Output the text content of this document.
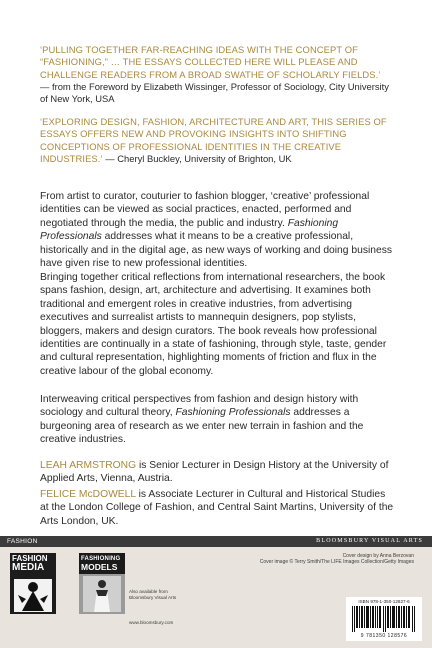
‘PULLING TOGETHER FAR-REACHING IDEAS WITH THE CONCEPT OF “FASHIONING,” … THE ESSAYS COLLECTED HERE WILL PLEASE AND CHALLENGE READERS FROM A BROAD SWATHE OF SCHOLARLY FIELDS.’ — from the Foreword by Elizabeth Wissinger, Professor of Sociology, City University of New York, USA
‘EXPLORING DESIGN, FASHION, ARCHITECTURE AND ART, THIS SERIES OF ESSAYS OFFERS NEW AND PROVOKING INSIGHTS INTO SHIFTING CONCEPTIONS OF PROFESSIONAL IDENTITIES IN THE CREATIVE INDUSTRIES.’ — Cheryl Buckley, University of Brighton, UK
From artist to curator, couturier to fashion blogger, ‘creative’ professional identities can be viewed as social practices, enacted, performed and negotiated through the media, the public and industry. Fashioning Professionals addresses what it means to be a creative professional, historically and in the digital age, as new ways of working and doing business have given rise to new professional identities.
Bringing together critical reflections from international researchers, the book spans fashion, design, art, architecture and advertising. It examines both traditional and emergent roles in creative industries, from advertising executives and surrealist artists to mannequin designers, pop stylists, bloggers, makers and design curators. The book reveals how professional identities are continually in a state of fashioning, through style, taste, gender and cultural representation, highlighting moments of friction and flux in the creative labour of the global economy.
Interweaving critical perspectives from fashion and design history with sociology and cultural theory, Fashioning Professionals addresses a burgeoning area of research as we enter new terrain in fashion and the creative industries.
LEAH ARMSTRONG is Senior Lecturer in Design History at the University of Applied Arts, Vienna, Austria.
FELICE McDOWELL is Associate Lecturer in Cultural and Historical Studies at the London College of Fashion, and Central Saint Martins, University of the Arts London, UK.
FASHION	BLOOMSBURY VISUAL ARTS
FASHION
MEDIA
FASHIONING
MODELS
Also available from
Bloomsbury Visual Arts
www.bloomsbury.com
Cover design by Anna Berzovan
Cover image © Terry Smith/The LIFE Images Collection/Getty Images
ISBN 978-1-350-12827-6
9 781350 128576
